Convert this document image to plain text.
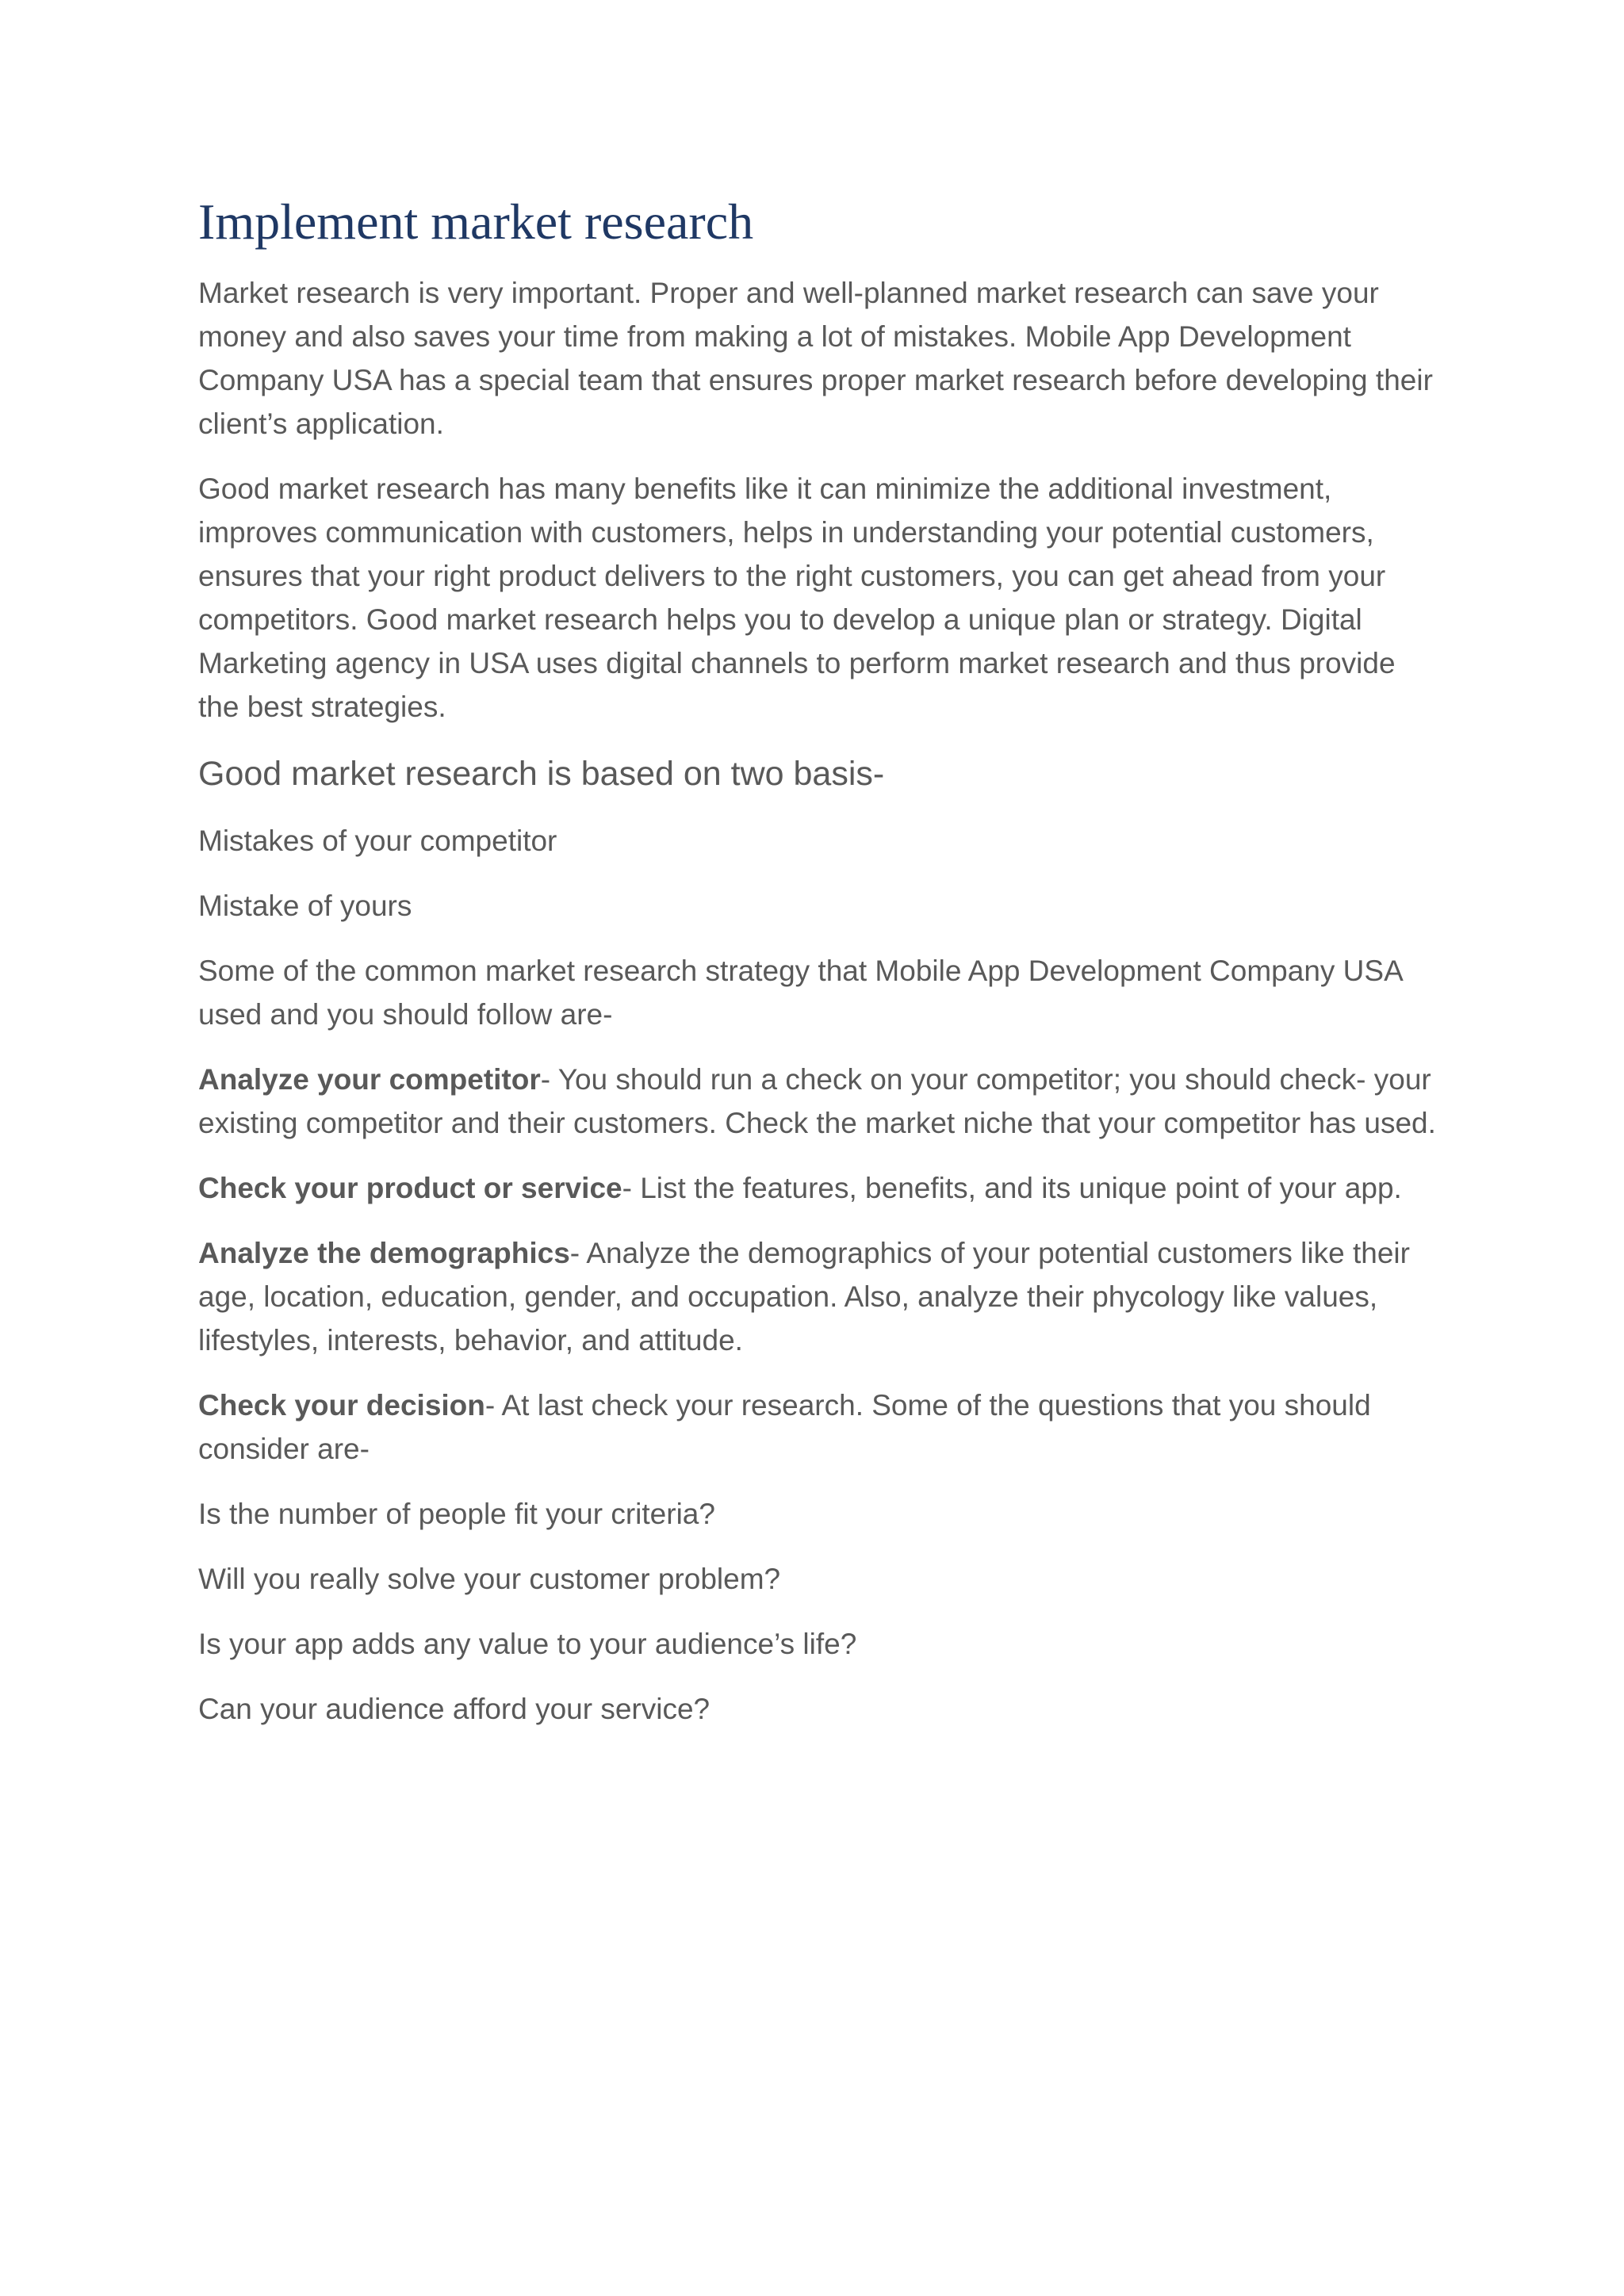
Implement market research

Market research is very important. Proper and well-planned market research can save your money and also saves your time from making a lot of mistakes. Mobile App Development Company USA has a special team that ensures proper market research before developing their client’s application.

Good market research has many benefits like it can minimize the additional investment, improves communication with customers, helps in understanding your potential customers, ensures that your right product delivers to the right customers, you can get ahead from your competitors. Good market research helps you to develop a unique plan or strategy. Digital Marketing agency in USA uses digital channels to perform market research and thus provide the best strategies.

Good market research is based on two basis-

Mistakes of your competitor

Mistake of yours

Some of the common market research strategy that Mobile App Development Company USA used and you should follow are-

Analyze your competitor- You should run a check on your competitor; you should check- your existing competitor and their customers. Check the market niche that your competitor has used.

Check your product or service- List the features, benefits, and its unique point of your app.

Analyze the demographics- Analyze the demographics of your potential customers like their age, location, education, gender, and occupation. Also, analyze their phycology like values, lifestyles, interests, behavior, and attitude.

Check your decision- At last check your research. Some of the questions that you should consider are-

Is the number of people fit your criteria?

Will you really solve your customer problem?

Is your app adds any value to your audience’s life?

Can your audience afford your service?
